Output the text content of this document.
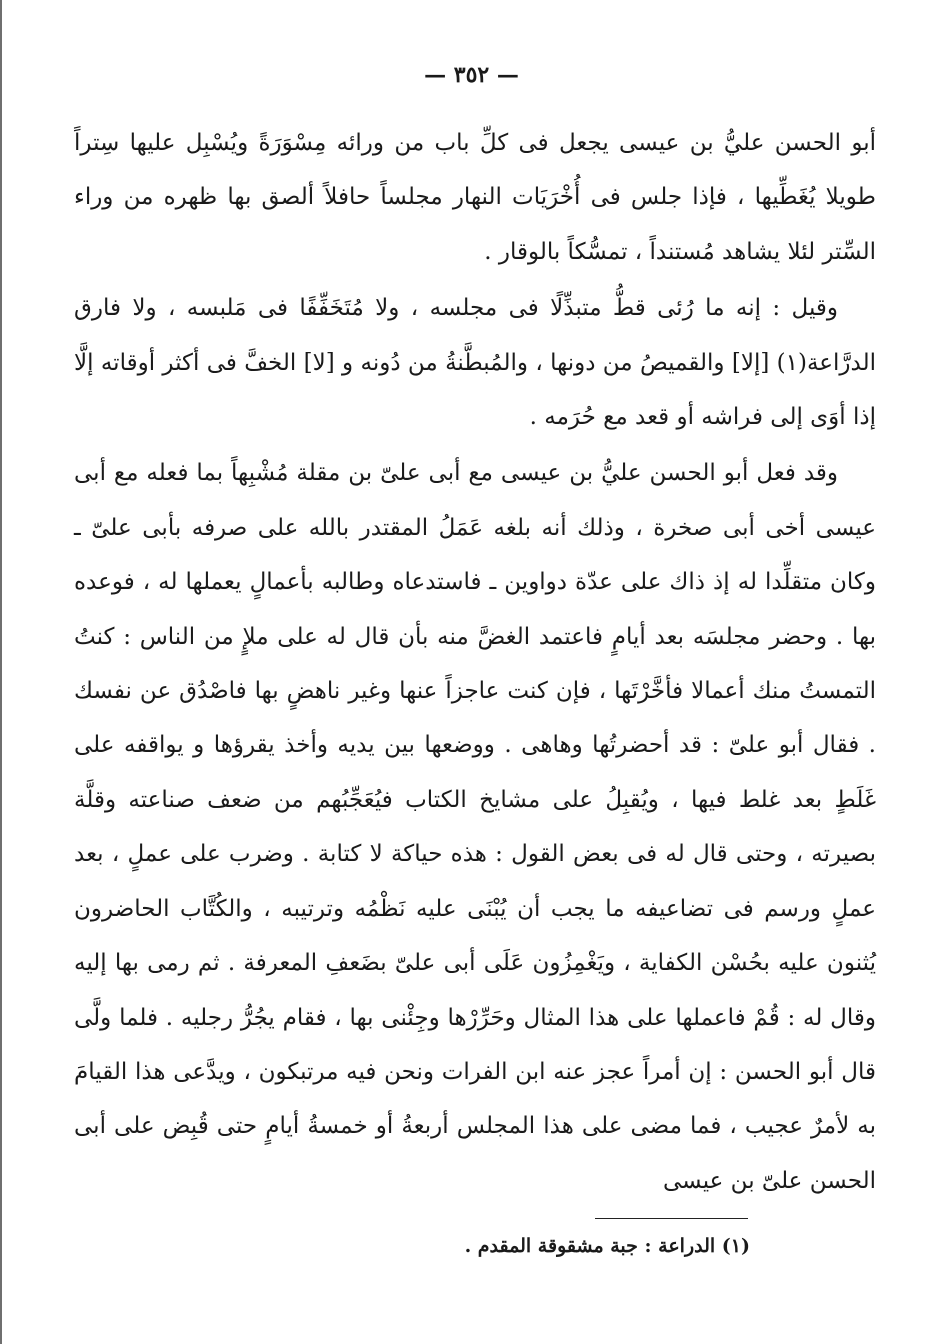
— ٣٥٢ —

أبو الحسن عليُّ بن عيسى يجعل فى كلِّ باب من ورائه مِسْوَرَةً ويُسْبِل عليها سِتراً طويلا يُغَطِّيها ، فإذا جلس فى أُخْرَيَات النهار مجلساً حافلاً ألصق بها ظهره من وراء السِّتر لئلا يشاهد مُستنداً ، تمسُّكاً بالوقار .

وقيل : إنه ما رُئى قطُّ متبذِّلًا فى مجلسه ، ولا مُتَخَفِّفًا فى مَلبسه ، ولا فارق الدرَّاعة(١) [إلا] والقميصُ من دونها ، والمُبطَّنةُ من دُونه و [لا] الخفَّ فى أكثر أوقاته إلَّا إذا أوَى إلى فراشه أو قعد مع حُرَمه .

وقد فعل أبو الحسن عليُّ بن عيسى مع أبى علىّ بن مقلة مُشْبِهاً بما فعله مع أبى عيسى أخى أبى صخرة ، وذلك أنه بلغه عَمَلُ المقتدر بالله على صرفه بأبى علىّ ـ وكان متقلِّدا له إذ ذاك على عدّة دواوين ـ فاستدعاه وطالبه بأعمالٍ يعملها له ، فوعده بها . وحضر مجلسَه بعد أيامٍ فاعتمد الغضَّ منه بأن قال له على ملإٍ من الناس : كنتُ التمستُ منك أعمالا فأخَّرْتَها ، فإن كنت عاجزاً عنها وغير ناهضٍ بها فاصْدُق عن نفسك . فقال أبو علىّ : قد أحضرتُها وهاهى . ووضعها بين يديه وأخذ يقرؤها و يواقفه على غَلَطٍ بعد غلط فيها ، ويُقبِلُ على مشايخ الكتاب فيُعَجِّبُهم من ضعف صناعته وقلَّة بصيرته ، وحتى قال له فى بعض القول : هذه حياكة لا كتابة . وضرب على عملٍ ، بعد عملٍ ورسم فى تضاعيفه ما يجب أن يُبْنَى عليه نَظْمُه وترتيبه ، والكُتَّاب الحاضرون يُثنون عليه بحُسْن الكفاية ، ويَغْمِزُون عَلَى أبى علىّ بضَعفِ المعرفة . ثم رمى بها إليه وقال له : قُمْ فاعملها على هذا المثال وحَرِّرْها وجِئْنى بها ، فقام يجُرُّ رجليه . فلما ولَّى قال أبو الحسن : إن أمراً عجز عنه ابن الفرات ونحن فيه مرتبكون ، ويدَّعى هذا القيامَ به لأمرٌ عجيب ، فما مضى على هذا المجلس أربعةُ أو خمسةُ أيامٍ حتى قُبِض على أبى الحسن علىّ بن عيسى

(١) الدراعة : جبة مشقوقة المقدم .
